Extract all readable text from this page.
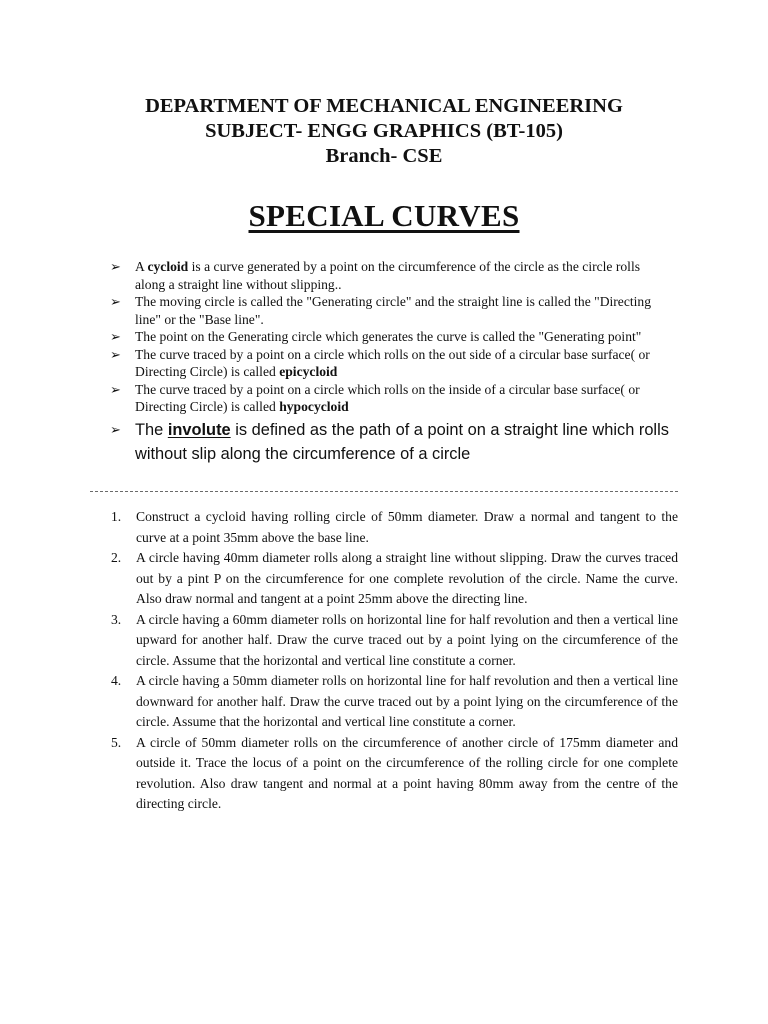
DEPARTMENT OF MECHANICAL ENGINEERING
SUBJECT- ENGG GRAPHICS (BT-105)
Branch- CSE
SPECIAL CURVES
➢ A cycloid is a curve generated by a point on the circumference of the circle as the circle rolls along a straight line without slipping..
➢ The moving circle is called the "Generating circle" and the straight line is called the "Directing line" or the "Base line".
➢ The point on the Generating circle which generates the curve is called the "Generating point"
➢ The curve traced by a point on a circle which rolls on the out side of a circular base surface( or Directing Circle) is called epicycloid
➢ The curve traced by a point on a circle which rolls on the inside of a circular base surface( or Directing Circle) is called hypocycloid
➢ The involute is defined as the path of a point on a straight line which rolls without slip along the circumference of a circle
1. Construct a cycloid having rolling circle of 50mm diameter. Draw a normal and tangent to the curve at a point 35mm above the base line.
2. A circle having 40mm diameter rolls along a straight line without slipping. Draw the curves traced out by a pint P on the circumference for one complete revolution of the circle. Name the curve. Also draw normal and tangent at a point 25mm above the directing line.
3. A circle having a 60mm diameter rolls on horizontal line for half revolution and then a vertical line upward for another half. Draw the curve traced out by a point lying on the circumference of the circle. Assume that the horizontal and vertical line constitute a corner.
4. A circle having a 50mm diameter rolls on horizontal line for half revolution and then a vertical line downward for another half. Draw the curve traced out by a point lying on the circumference of the circle. Assume that the horizontal and vertical line constitute a corner.
5. A circle of 50mm diameter rolls on the circumference of another circle of 175mm diameter and outside it. Trace the locus of a point on the circumference of the rolling circle for one complete revolution. Also draw tangent and normal at a point having 80mm away from the centre of the directing circle.
